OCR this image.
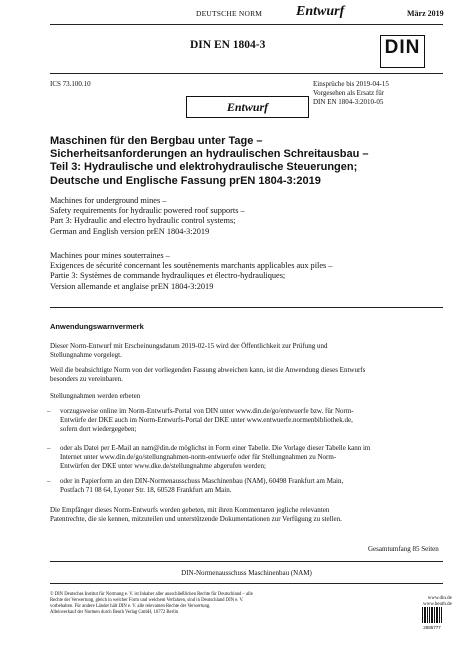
DEUTSCHE NORM Entwurf	März 2019
DIN EN 1804-3	DIN
ICS 73.100.10	Einsprüche bis 2019-04-15
Vorgesehen als Ersatz für
DIN EN 1804-3:2010-05
Entwurf
Maschinen für den Bergbau unter Tage –
Sicherheitsanforderungen an hydraulischen Schreitausbau –
Teil 3: Hydraulische und elektrohydraulische Steuerungen;
Deutsche und Englische Fassung prEN 1804-3:2019
Machines for underground mines –
Safety requirements for hydraulic powered roof supports –
Part 3: Hydraulic and electro hydraulic control systems;
German and English version prEN 1804-3:2019
Machines pour mines souterraines –
Exigences de sécurité concernant les soutènements marchants applicables aux piles –
Partie 3: Systèmes de commande hydrauliques et électro-hydrauliques;
Version allemande et anglaise prEN 1804-3:2019
Anwendungswarnvermerk
Dieser Norm-Entwurf mit Erscheinungsdatum 2019-02-15 wird der Öffentlichkeit zur Prüfung und
Stellungnahme vorgelegt.
Weil die beabsichtigte Norm von der vorliegenden Fassung abweichen kann, ist die Anwendung dieses Entwurfs
besonders zu vereinbaren.
Stellungnahmen werden erbeten
– vorzugsweise online im Norm-Entwurfs-Portal von DIN unter www.din.de/go/entwuerfe bzw. für Norm-
Entwürfe der DKE auch im Norm-Entwurfs-Portal der DKE unter www.entwuerfe.normenbibliothek.de,
sofern dort wiedergegeben;
– oder als Datei per E-Mail an nam@din.de möglichst in Form einer Tabelle. Die Vorlage dieser Tabelle kann im
Internet unter www.din.de/go/stellungnahmen-norm-entwuerfe oder für Stellungnahmen zu Norm-
Entwürfen der DKE unter www.dke.de/stellungnahme abgerufen werden;
– oder in Papierform an den DIN-Normenausschuss Maschinenbau (NAM), 60498 Frankfurt am Main,
Postfach 71 08 64, Lyoner Str. 18, 60528 Frankfurt am Main.
Die Empfänger dieses Norm-Entwurfs werden gebeten, mit ihren Kommentaren jegliche relevanten
Patentrechte, die sie kennen, mitzuteilen und unterstützende Dokumentationen zur Verfügung zu stellen.
Gesamtumfang 85 Seiten
DIN-Normenausschuss Maschinenbau (NAM)
© DIN Deutsches Institut für Normung e. V. ist Inhaber aller ausschließlichen Rechte für Deutschland – alle
Rechte der Verwertung, gleich in welcher Form und welchem Verfahren, sind in Deutschland DIN e. V.
vorbehalten. Für andere Länder hält DIN e. V. alle relevanten Rechte der Verwertung.
Alleinverkauf der Normen durch Beuth Verlag GmbH, 10772 Berlin
www.din.de
www.beuth.de
2885777
